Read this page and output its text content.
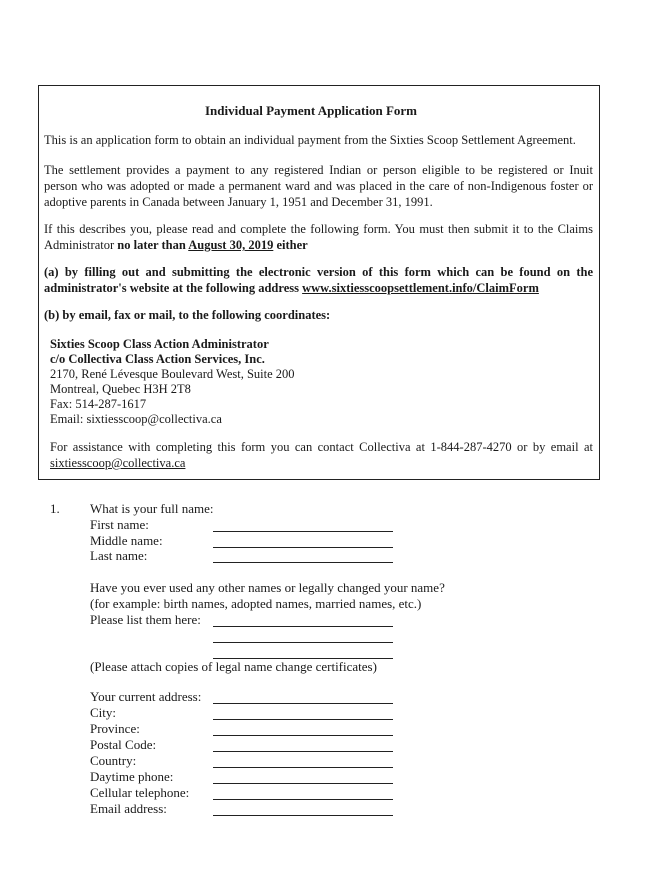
Individual Payment Application Form
This is an application form to obtain an individual payment from the Sixties Scoop Settlement Agreement.
The settlement provides a payment to any registered Indian or person eligible to be registered or Inuit
person who was adopted or made a permanent ward and was placed in the care of non-Indigenous foster or
adoptive parents in Canada between January 1, 1951 and December 31, 1991.
If this describes you, please read and complete the following form. You must then submit it to the Claims
Administrator no later than August 30, 2019 either
(a) by filling out and submitting the electronic version of this form which can be found on the
administrator's website at the following address www.sixtiesscoopsettlement.info/ClaimForm
(b) by email, fax or mail, to the following coordinates:
Sixties Scoop Class Action Administrator
c/o Collectiva Class Action Services, Inc.
2170, René Lévesque Boulevard West, Suite 200
Montreal, Quebec H3H 2T8
Fax: 514-287-1617
Email: sixtiesscoop@collectiva.ca
For assistance with completing this form you can contact Collectiva at 1-844-287-4270 or by email at
sixtiesscoop@collectiva.ca
1. What is your full name:
First name:
Middle name:
Last name:
Have you ever used any other names or legally changed your name?
(for example: birth names, adopted names, married names, etc.)
Please list them here:
(Please attach copies of legal name change certificates)
Your current address:
City:
Province:
Postal Code:
Country:
Daytime phone:
Cellular telephone:
Email address:
